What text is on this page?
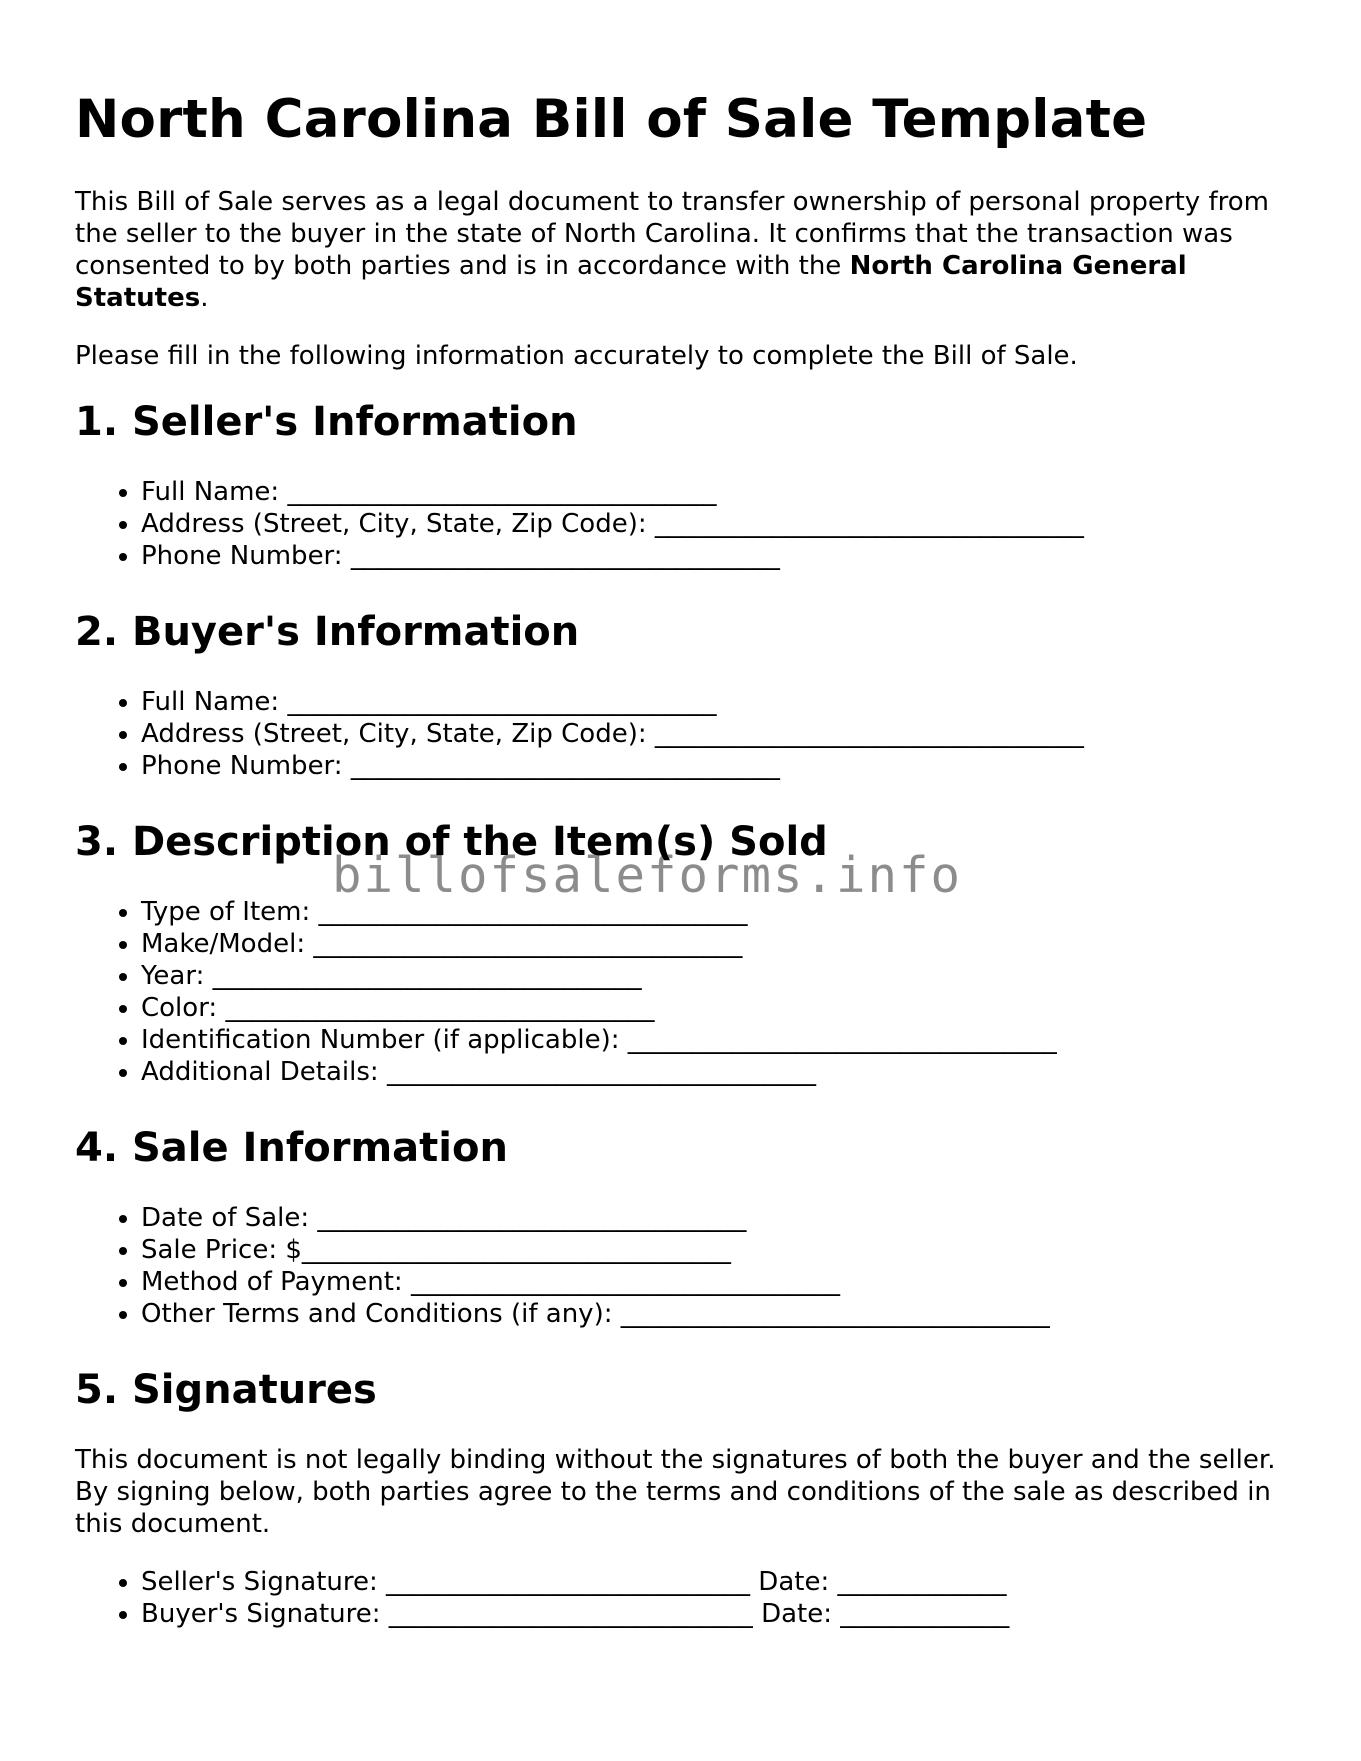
North Carolina Bill of Sale Template

This Bill of Sale serves as a legal document to transfer ownership of personal property from the seller to the buyer in the state of North Carolina. It confirms that the transaction was consented to by both parties and is in accordance with the North Carolina General Statutes.

Please fill in the following information accurately to complete the Bill of Sale.

1. Seller's Information
• Full Name: _________________________________
• Address (Street, City, State, Zip Code): _________________________________
• Phone Number: _________________________________
2. Buyer's Information
• Full Name: _________________________________
• Address (Street, City, State, Zip Code): _________________________________
• Phone Number: _________________________________
3. Description of the Item(s) Sold
• Type of Item: _________________________________
• Make/Model: _________________________________
• Year: _________________________________
• Color: _________________________________
• Identification Number (if applicable): _________________________________
• Additional Details: _________________________________
4. Sale Information
• Date of Sale: _________________________________
• Sale Price: $_________________________________
• Method of Payment: _________________________________
• Other Terms and Conditions (if any): _________________________________
5. Signatures

This document is not legally binding without the signatures of both the buyer and the seller. By signing below, both parties agree to the terms and conditions of the sale as described in this document.

• Seller's Signature: ____________________________ Date: _____________
• Buyer's Signature: ____________________________ Date: _____________
billofsaleforms.info
